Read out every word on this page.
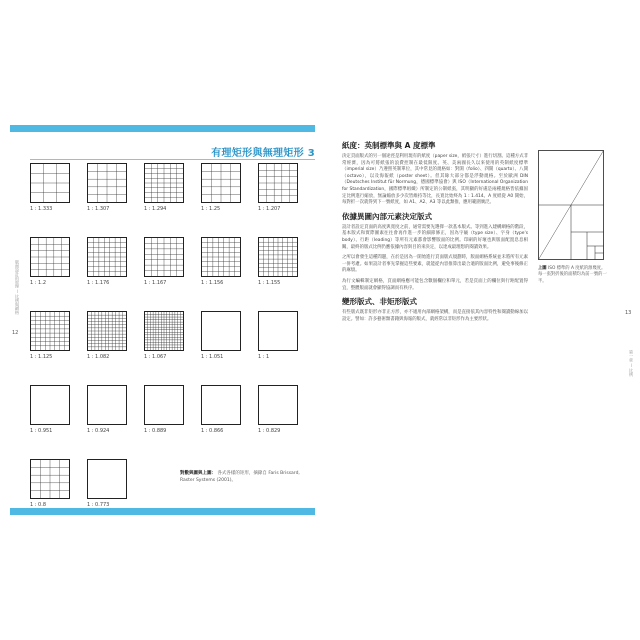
有理矩形與無理矩形 3
版面設計的原理 — 比例與網格
12
1 : 1.333	1 : 1.307	1 : 1.294	1 : 1.25	1 : 1.207
1 : 1.2	1 : 1.176	1 : 1.167	1 : 1.156	1 : 1.155
1 : 1.125	1 : 1.082	1 : 1.067	1 : 1.051	1 : 1
1 : 0.951	1 : 0.924	1 : 0.889	1 : 0.866	1 : 0.829
1 : 0.8	1 : 0.773
對數與圖與上圖： 各式各樣的矩形，摘錄自 Faris Brissard, Raster Systems (2001)。
紙度：英制標準與 A 度標準

決定頁面版式的另一個途徑是利用現有的紙度（paper size，紙張尺寸）進行切割。這種方式非常經濟，因為可將紙張的浪費控制在最低限度。英、美兩國長久以來使用的英制紙度標準（imperial size）乃遵照英制單位，其中常見的規格如：對開（folio）、四開（quarto）、八開（octavo），以及海報紙（poster sheet）。但其餘大部分都是浮動規格。至於歐洲 DIN（Deutsches Institut für Normung，德國標準協會）與 ISO（International Organization for Standardization，國際標準組織）所制定的公制紙張，其明顯的好處是兩種規格皆依據固定比例進行縮放，無論縮放多少次皆維持等比，長寬比始終為 1 : 1.414。A 度紙從 A0 開始，每對折一次就得到下一號紙度，如 A1、A2、A3 等以此類推，應用範圍廣泛。

依據異圖內部元素決定版式

設計者設定頁面的高度與寬度之前，通常需要先選擇一款基本版式。等到進入建構網格的階段，基本版式和實際圖素往往會再作進一步的細節修正，因為字級（type size）、字身（type's body）、行距（leading）等所有元素都會影響版面的比例。印刷的好壞也與版面配置息息相關，最終的版式比例仍應依據內容與目的來決定，以達成最理想的閱讀效果。

之所以會發生這種問題，在於是因為一開始進行頁面版式規劃時，版面網格系統並未將所有元素一併考慮。如果設計者事先掌握這些要素，就能從內容推算出最合適的版面比例，避免事後修正的麻煩。

為行文編輯制定網格，頁面網格應可能包含數個欄位和單元，若是頁面上的欄位與行距配置得宜，整體版面就會顯得協調而有秩序。

變形版式、非矩形版式

有些版式既非矩形亦非正方形，亦不適用內部網格架構，而是直接依其內容特性和閱讀動線加以設定。譬如：許多藝術類書籍與海報的版式，就經常以非矩形作為主要形狀。

上圖 ISO 標準的 A 度紙的源幾度。每一張對折後的面積均為前一號的一半。
13
第一章 — 比例
